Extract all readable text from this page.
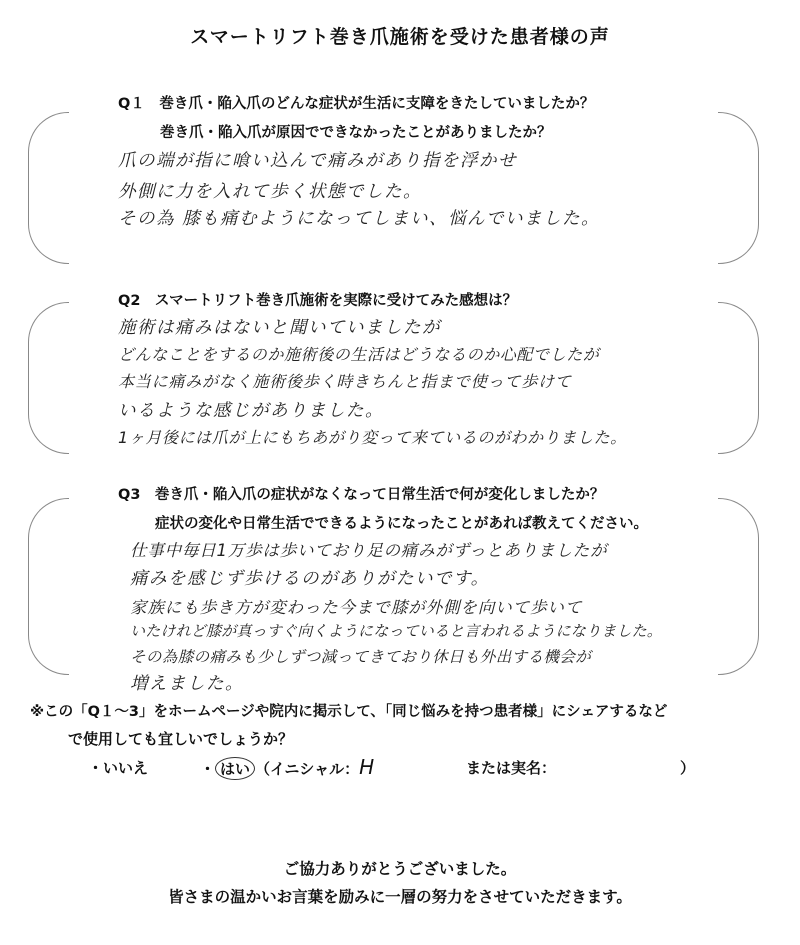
スマートリフト巻き爪施術を受けた患者様の声
Q１　巻き爪・陥入爪のどんな症状が生活に支障をきたしていましたか？
巻き爪・陥入爪が原因でできなかったことがありましたか？
爪の端が指に喰い込んで痛みがあり指を浮かせ
外側に力を入れて歩く状態でした。
その為 膝も痛むようになってしまい、悩んでいました。
Q2　スマートリフト巻き爪施術を実際に受けてみた感想は？
施術は痛みはないと聞いていましたが
どんなことをするのか施術後の生活はどうなるのか心配でしたが
本当に痛みがなく施術後歩く時きちんと指まで使って歩けて
いるような感じがありました。
1ヶ月後には爪が上にもちあがり変って来ているのがわかりました。
Q3　巻き爪・陥入爪の症状がなくなって日常生活で何が変化しましたか？
症状の変化や日常生活でできるようになったことがあれば教えてください。
仕事中毎日1万歩は歩いており足の痛みがずっとありましたが
痛みを感じず歩けるのがありがたいです。
家族にも歩き方が変わった今まで膝が外側を向いて歩いて
いたけれど膝が真っすぐ向くようになっていると言われるようになりました。
その為膝の痛みも少しずつ減ってきており休日も外出する機会が
増えました。
※この「Q１～3」をホームページや院内に掲示して、「同じ悩みを持つ患者様」にシェアするなど
で使用しても宜しいでしょうか？
・いいえ	・ はい （イニシャル：H	または実名：	）
ご協力ありがとうございました。
皆さまの温かいお言葉を励みに一層の努力をさせていただきます。
